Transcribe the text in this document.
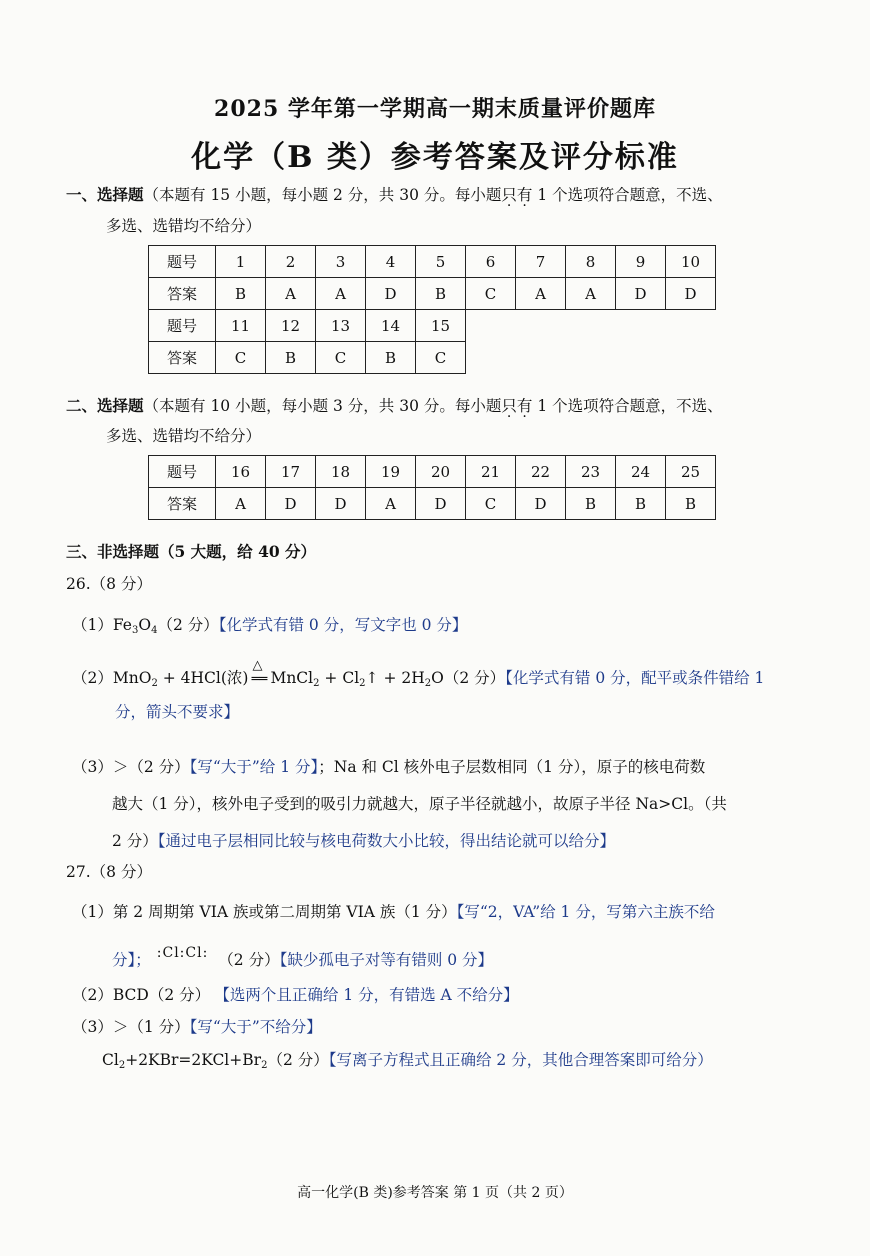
2025 学年第一学期高一期末质量评价题库
化学（B 类）参考答案及评分标准
一、选择题（本题有 15 小题，每小题 2 分，共 30 分。每小题只有 1 个选项符合题意，不选、
多选、选错均不给分）
题号	1	2	3	4	5	6	7	8	9	10
答案	B	A	A	D	B	C	A	A	D	D
题号	11	12	13	14	15					
答案	C	B	C	B	C					
二、选择题（本题有 10 小题，每小题 3 分，共 30 分。每小题只有 1 个选项符合题意，不选、
多选、选错均不给分）
题号	16	17	18	19	20	21	22	23	24	25
答案	A	D	D	A	D	C	D	B	B	B
三、非选择题（5 大题，给 40 分）
26.（8 分）
$(1)Fe_3O_4(2$ 分）【化学式有错 0 分，写文字也 0 分】
（2）MnO$_2$ + 4HCl(浓)
△
══ MnCl$_2$ + $Cl_2↑ + 2H_2O(2$ 分）【化学式有错 0 分，配平或条件错给 1
分，箭头不要求】
（3）＞（2 分）【写“大于”给 1 分】；Na 和 Cl 核外电子层数相同（1 分），原子的核电荷数
越大（1 分），核外电子受到的吸引力就越大，原子半径就越小，故原子半径 Na>Cl。（共
2 分）【通过电子层相同比较与核电荷数大小比较，得出结论就可以给分】
27.（8 分）
（1）第 2 周期第 VIA 族或第二周期第 VIA 族（1 分）【写“2，VA”给 1 分，写第六主族不给
分】； :Cl:Cl: （2 分）【缺少孤电子对等有错则 0 分】
（2）BCD（2 分） 【选两个且正确给 1 分，有错选 A 不给分】
（3）＞（1 分）【写“大于”不给分】
$Cl_2+2KBr=2KCl+Br_2(2$ 分）【写离子方程式且正确给 2 分，其他合理答案即可给分）
高一化学(B 类)参考答案 第 1 页（共 2 页）
